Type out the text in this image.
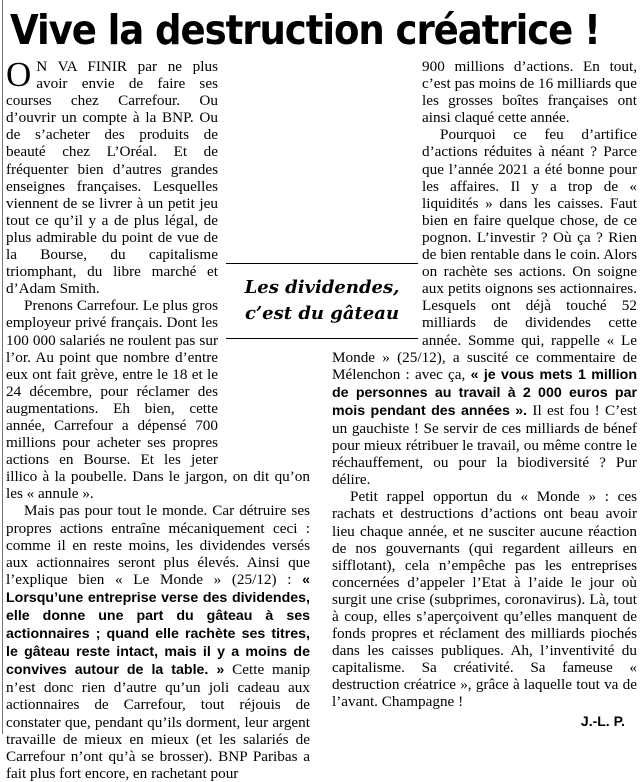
Vive la destruction créatrice !

O N VA FINIR par ne plus avoir envie de faire ses courses chez Carrefour. Ou d’ouvrir un compte à la BNP. Ou de s’acheter des produits de beauté chez L’Oréal. Et de fréquenter bien d’autres grandes enseignes françaises. Lesquelles viennent de se livrer à un petit jeu tout ce qu’il y a de plus légal, de plus admirable du point de vue de la Bourse, du capitalisme triomphant, du libre marché et d’Adam Smith.

Prenons Carrefour. Le plus gros employeur privé français. Dont les 100 000 salariés ne roulent pas sur l’or. Au point que nombre d’entre eux ont fait grève, entre le 18 et le 24 décembre, pour réclamer des augmentations. Eh bien, cette année, Carrefour a dépensé 700 millions pour acheter ses propres actions en Bourse. Et les jeter illico à la poubelle. Dans le jargon, on dit qu’on les « annule ».

Mais pas pour tout le monde. Car détruire ses propres actions entraîne mécaniquement ceci : comme il en reste moins, les dividendes versés aux actionnaires seront plus élevés. Ainsi que l’explique bien « Le Monde » (25/12) : « Lorsqu’une entreprise verse des dividendes, elle donne une part du gâteau à ses actionnaires ; quand elle rachète ses titres, le gâteau reste intact, mais il y a moins de convives autour de la table. » Cette manip n’est donc rien d’autre qu’un joli cadeau aux actionnaires de Carrefour, tout réjouis de constater que, pendant qu’ils dorment, leur argent travaille de mieux en mieux (et les salariés de Carrefour n’ont qu’à se brosser). BNP Paribas a fait plus fort encore, en rachetant pour

900 millions d’actions. En tout, c’est pas moins de 16 milliards que les grosses boîtes françaises ont ainsi claqué cette année.

Pourquoi ce feu d’artifice d’actions réduites à néant ? Parce que l’année 2021 a été bonne pour les affaires. Il y a trop de « liquidités » dans les caisses. Faut bien en faire quelque chose, de ce pognon. L’investir ? Où ça ? Rien de bien rentable dans le coin. Alors on rachète ses actions. On soigne aux petits oignons ses actionnaires. Lesquels ont déjà touché 52 milliards de dividendes cette année. Somme qui, rappelle « Le Monde » (25/12), a suscité ce commentaire de Mélenchon : avec ça, « je vous mets 1 million de personnes au travail à 2 000 euros par mois pendant des années ». Il est fou ! C’est un gauchiste ! Se servir de ces milliards de bénef pour mieux rétribuer le travail, ou même contre le réchauffement, ou pour la biodiversité ? Pur délire.

Petit rappel opportun du « Monde » : ces rachats et destructions d’actions ont beau avoir lieu chaque année, et ne susciter aucune réaction de nos gouvernants (qui regardent ailleurs en sifflotant), cela n’empêche pas les entreprises concernées d’appeler l’Etat à l’aide le jour où surgit une crise (subprimes, coronavirus). Là, tout à coup, elles s’aperçoivent qu’elles manquent de fonds propres et réclament des milliards piochés dans les caisses publiques. Ah, l’inventivité du capitalisme. Sa créativité. Sa fameuse « destruction créatrice », grâce à laquelle tout va de l’avant. Champagne !

J.-L. P.
Les dividendes,
c’est du gâteau
